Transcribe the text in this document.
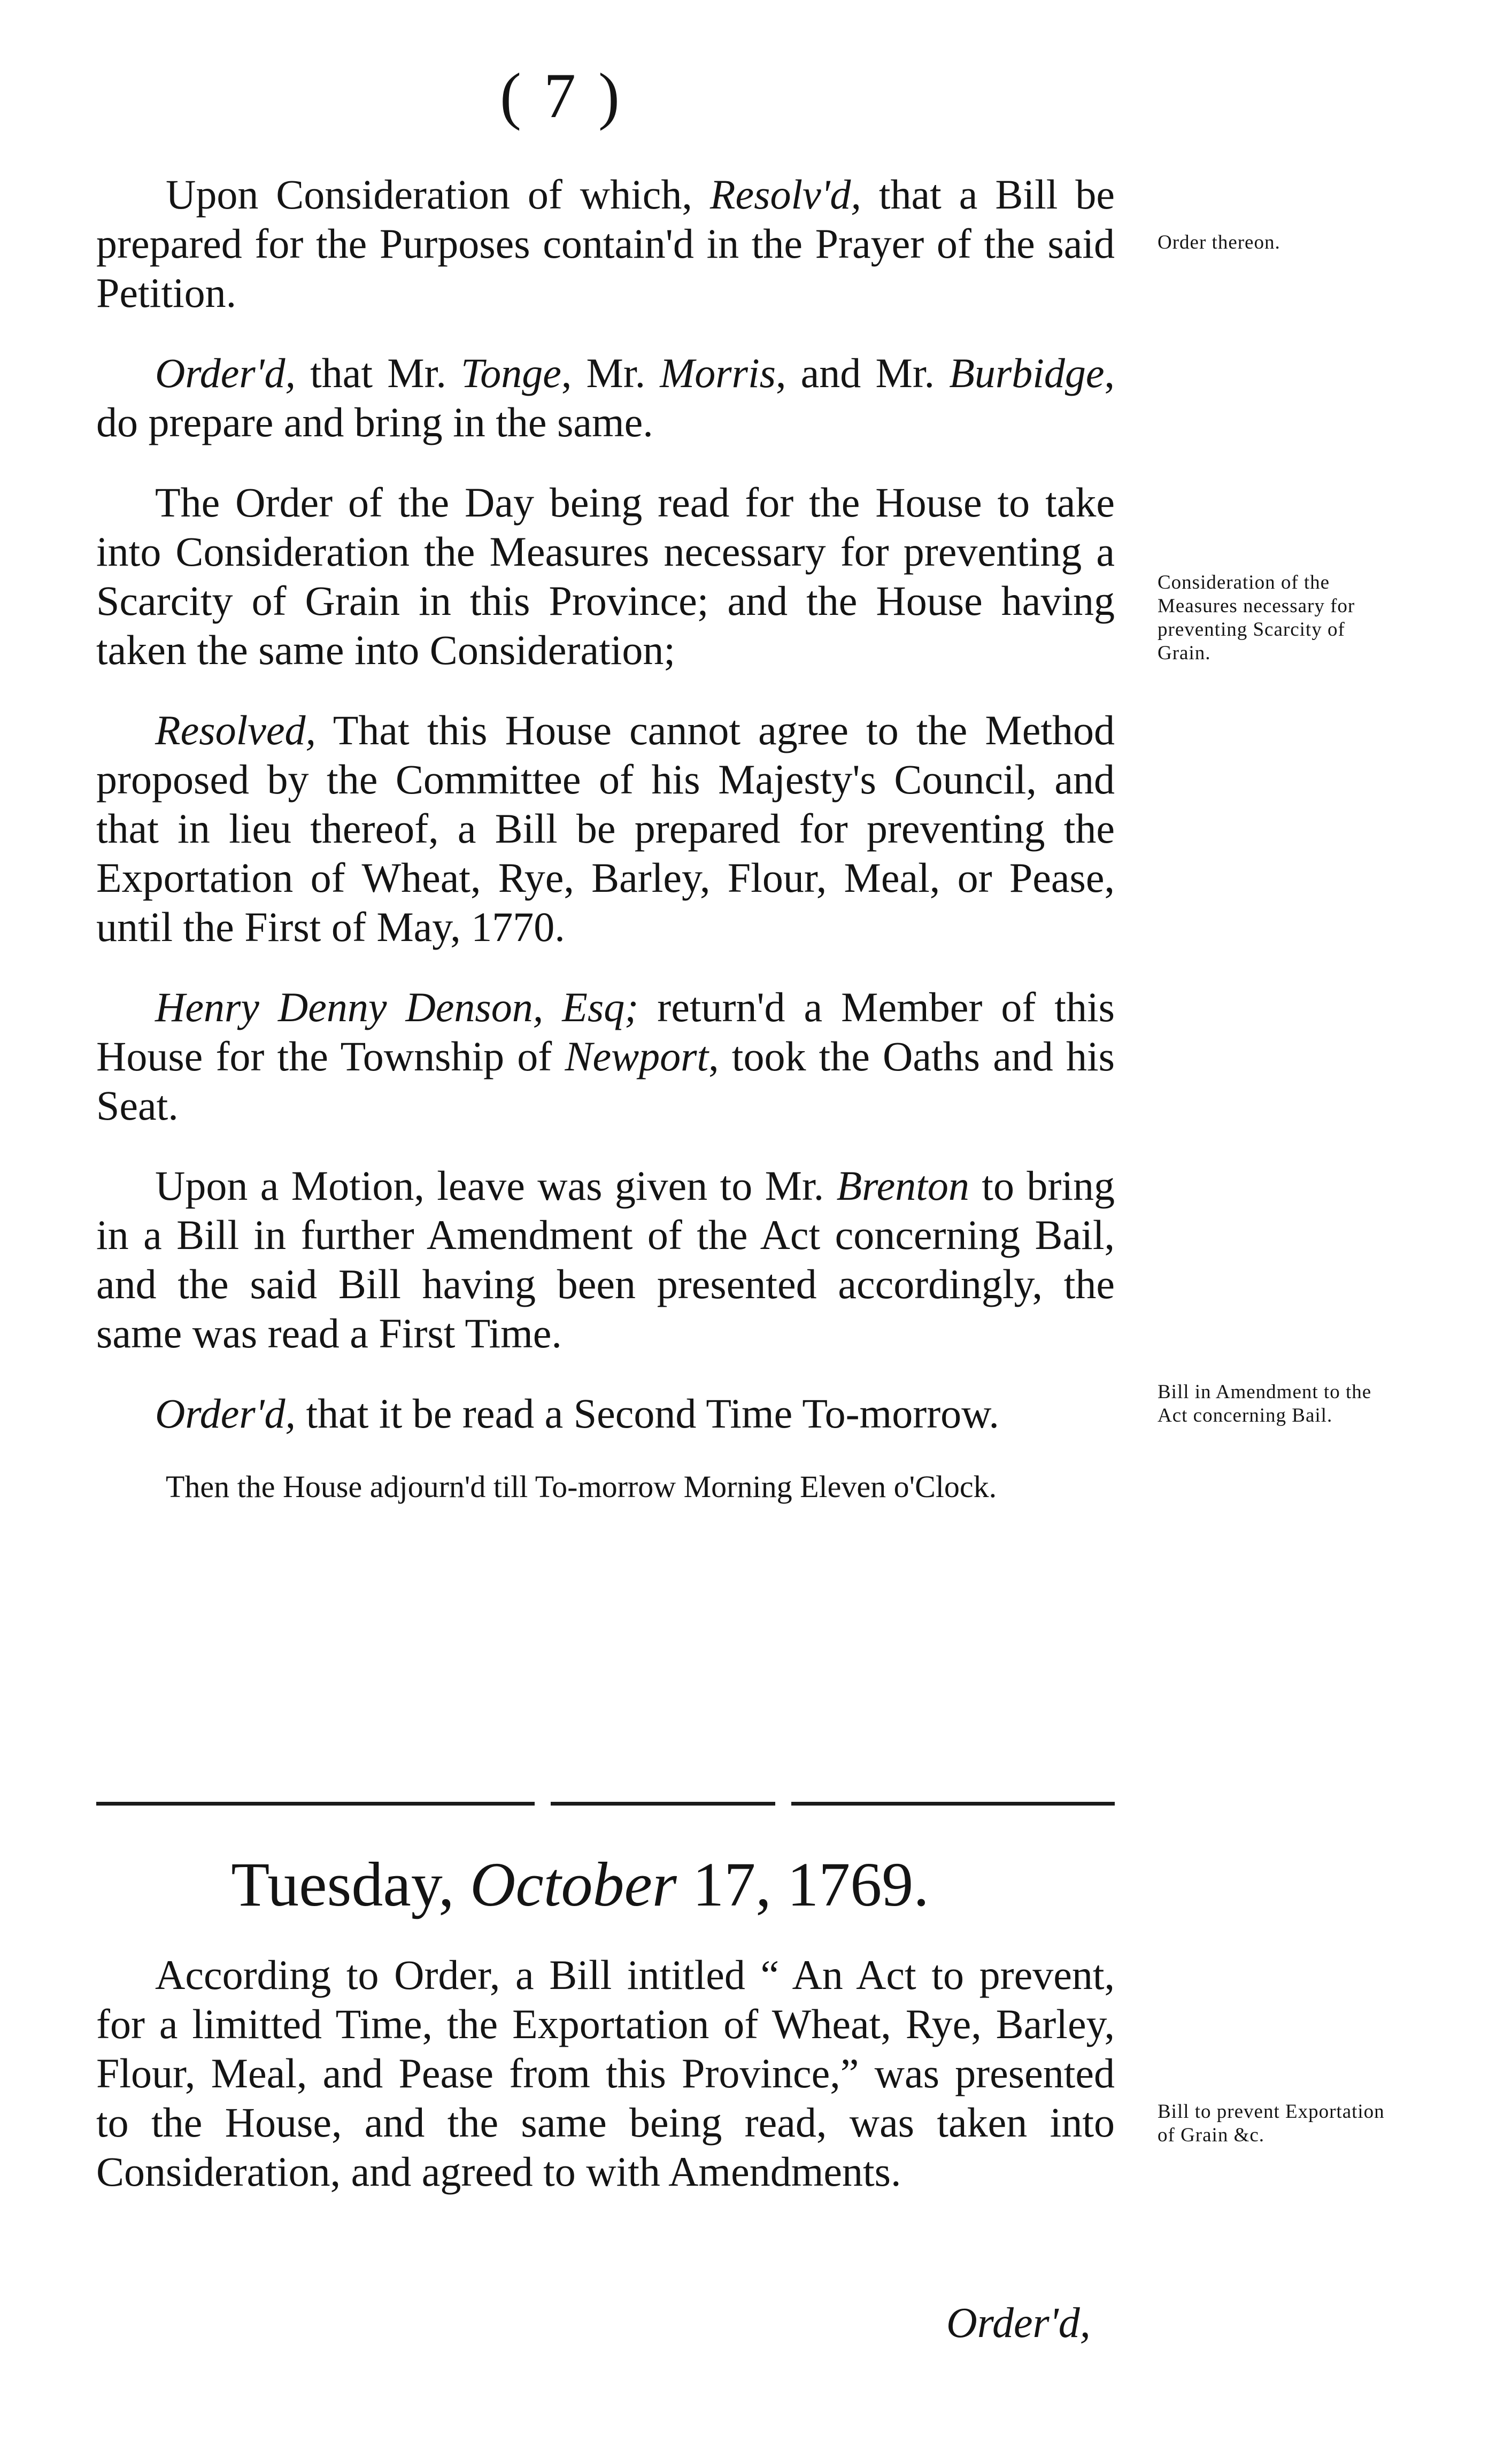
( 7 )

Upon Consideration of which, Resolv'd, that a Bill be prepared for the Purposes contain'd in the Prayer of the said Petition.

Order'd, that Mr. Tonge, Mr. Morris, and Mr. Burbidge, do prepare and bring in the same.

The Order of the Day being read for the House to take into Consideration the Measures necessary for preventing a Scarcity of Grain in this Province; and the House having taken the same into Consideration;

Resolved, That this House cannot agree to the Method proposed by the Committee of his Majesty's Council, and that in lieu thereof, a Bill be prepared for preventing the Exportation of Wheat, Rye, Barley, Flour, Meal, or Pease, until the First of May, 1770.

Henry Denny Denson, Esq; return'd a Member of this House for the Township of Newport, took the Oaths and his Seat.

Upon a Motion, leave was given to Mr. Brenton to bring in a Bill in further Amendment of the Act concerning Bail, and the said Bill having been presented accordingly, the same was read a First Time.

Order'd, that it be read a Second Time To-morrow.

Then the House adjourn'd till To-morrow Morning Eleven o'Clock.

Tuesday, October 17, 1769.

According to Order, a Bill intitled “ An Act to prevent, for a limitted Time, the Exportation of Wheat, Rye, Barley, Flour, Meal, and Pease from this Province,” was presented to the House, and the same being read, was taken into Consideration, and agreed to with Amendments.

Order'd,
Order thereon.
Consideration of the Measures necessary for preventing Scarcity of Grain.
Bill in Amendment to the Act concerning Bail.
Bill to prevent Exportation of Grain &c.
